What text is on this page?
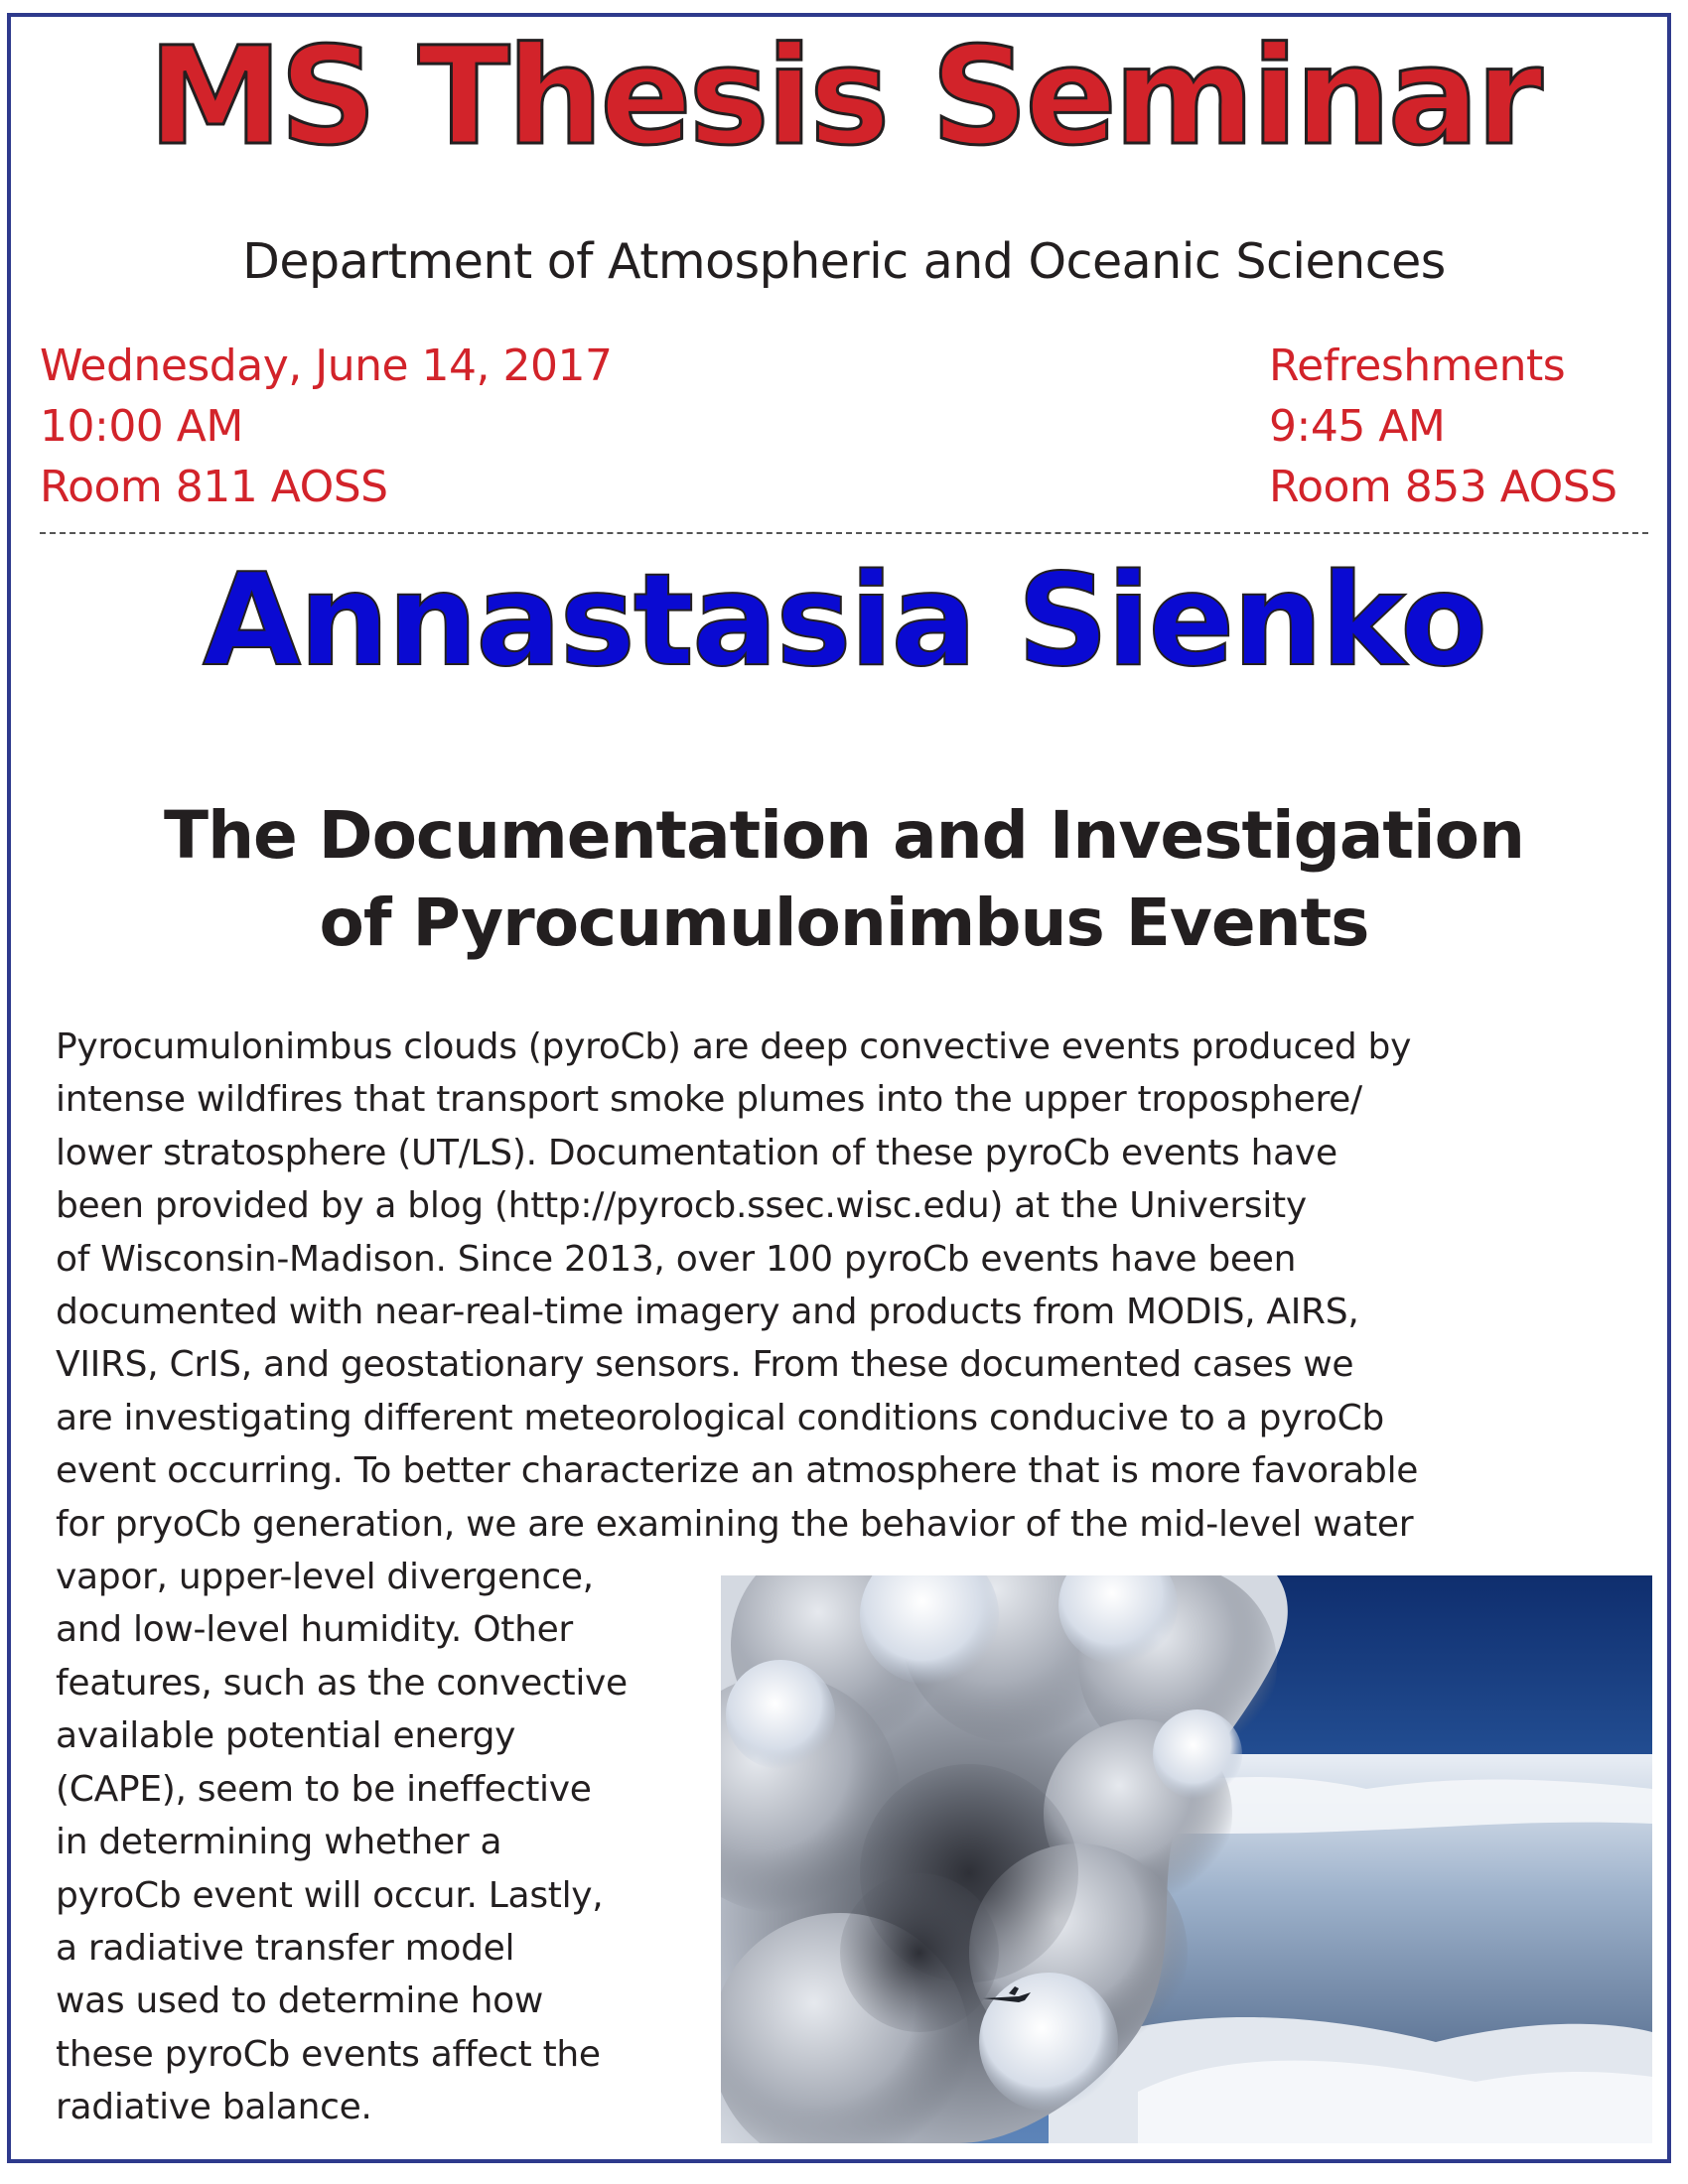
MS Thesis Seminar
Department of Atmospheric and Oceanic Sciences
Wednesday, June 14, 2017
10:00 AM
Room 811 AOSS
Refreshments
9:45 AM
Room 853 AOSS
Annastasia Sienko
The Documentation and Investigation
of Pyrocumulonimbus Events
Pyrocumulonimbus clouds (pyroCb) are deep convective events produced by
intense wildfires that transport smoke plumes into the upper troposphere/
lower stratosphere (UT/LS). Documentation of these pyroCb events have
been provided by a blog (http://pyrocb.ssec.wisc.edu) at the University
of Wisconsin-Madison. Since 2013, over 100 pyroCb events have been
documented with near-real-time imagery and products from MODIS, AIRS,
VIIRS, CrIS, and geostationary sensors. From these documented cases we
are investigating different meteorological conditions conducive to a pyroCb
event occurring. To better characterize an atmosphere that is more favorable
for pryoCb generation, we are examining the behavior of the mid-level water
vapor, upper-level divergence,
and low-level humidity. Other
features, such as the convective
available potential energy
(CAPE), seem to be ineffective
in determining whether a
pyroCb event will occur. Lastly,
a radiative transfer model
was used to determine how
these pyroCb events affect the
radiative balance.
